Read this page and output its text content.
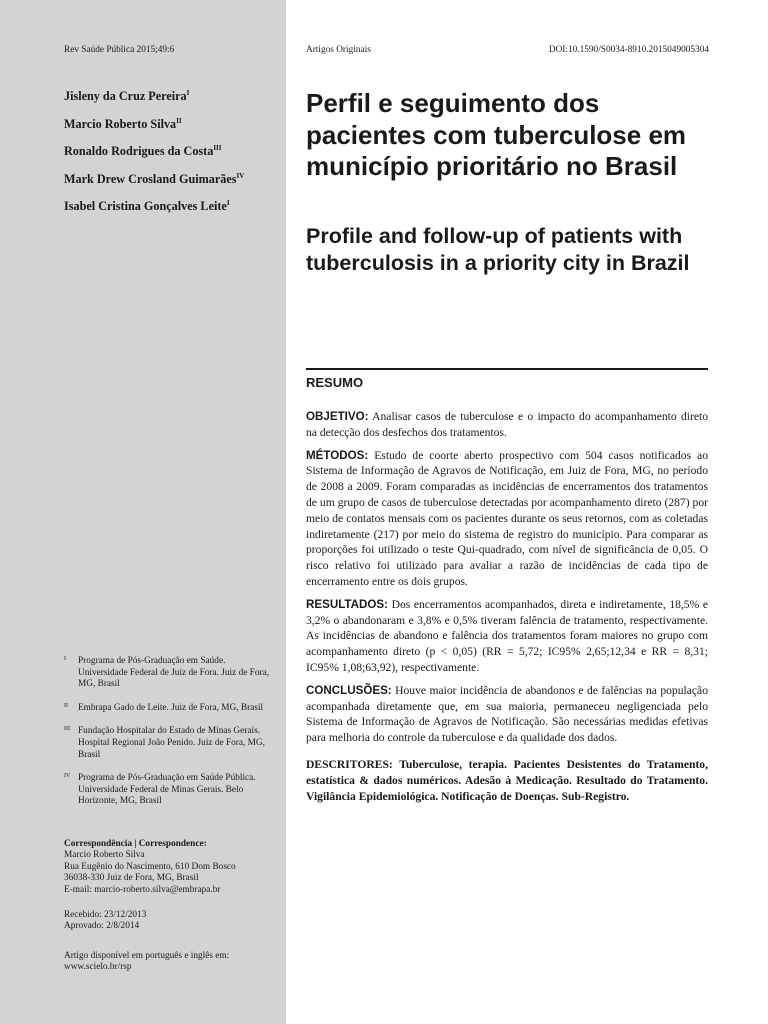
Rev Saúde Pública 2015;49:6	Artigos Originais	DOI:10.1590/S0034-8910.2015049005304
Jisleny da Cruz Pereira$^I$
Marcio Roberto Silva$^{II}$
Ronaldo Rodrigues da Costa$^{III}$
Mark Drew Crosland Guimarães$^{IV}$
Isabel Cristina Gonçalves Leite$^I$
Perfil e seguimento dos pacientes com tuberculose em município prioritário no Brasil
Profile and follow-up of patients with tuberculosis in a priority city in Brazil
RESUMO

OBJETIVO: Analisar casos de tuberculose e o impacto do acompanhamento direto na detecção dos desfechos dos tratamentos.

MÉTODOS: Estudo de coorte aberto prospectivo com 504 casos notificados ao Sistema de Informação de Agravos de Notificação, em Juiz de Fora, MG, no período de 2008 a 2009. Foram comparadas as incidências de encerramentos dos tratamentos de um grupo de casos de tuberculose detectadas por acompanhamento direto (287) por meio de contatos mensais com os pacientes durante os seus retornos, com as coletadas indiretamente (217) por meio do sistema de registro do município. Para comparar as proporções foi utilizado o teste Qui-quadrado, com nível de significância de 0,05. O risco relativo foi utilizado para avaliar a razão de incidências de cada tipo de encerramento entre os dois grupos.

RESULTADOS: Dos encerramentos acompanhados, direta e indiretamente, 18,5% e 3,2% o abandonaram e 3,8% e 0,5% tiveram falência de tratamento, respectivamente. As incidências de abandono e falência dos tratamentos foram maiores no grupo com acompanhamento direto (p < 0,05) (RR = 5,72; IC95% 2,65;12,34 e RR = 8,31; IC95% 1,08;63,92), respectivamente.

CONCLUSÕES: Houve maior incidência de abandonos e de falências na população acompanhada diretamente que, em sua maioria, permaneceu negligenciada pelo Sistema de Informação de Agravos de Notificação. São necessárias medidas efetivas para melhoria do controle da tuberculose e da qualidade dos dados.

DESCRITORES: Tuberculose, terapia. Pacientes Desistentes do Tratamento, estatística & dados numéricos. Adesão à Medicação. Resultado do Tratamento. Vigilância Epidemiológica. Notificação de Doenças. Sub-Registro.

I Programa de Pós-Graduação em Saúde. Universidade Federal de Juiz de Fora. Juiz de Fora, MG, Brasil
II Embrapa Gado de Leite. Juiz de Fora, MG, Brasil
III Fundação Hospitalar do Estado de Minas Gerais. Hospital Regional João Penido. Juiz de Fora, MG, Brasil
IV Programa de Pós-Graduação em Saúde Pública. Universidade Federal de Minas Gerais. Belo Horizonte, MG, Brasil
Correspondência | Correspondence:
Marcio Roberto Silva
Rua Eugênio do Nascimento, 610 Dom Bosco
36038-330 Juiz de Fora, MG, Brasil
E-mail: marcio-roberto.silva@embrapa.br
Recebido: 23/12/2013
Aprovado: 2/8/2014
Artigo disponível em português e inglês em:
www.scielo.br/rsp
